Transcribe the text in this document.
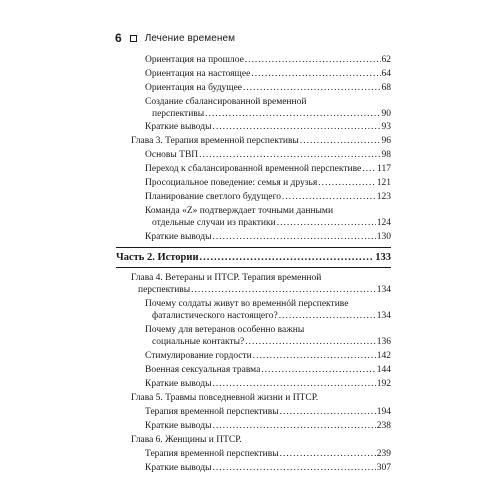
6 Лечение временем
Ориентация на прошлое .....	62
Ориентация на настоящее .....	64
Ориентация на будущее .....	68
Создание сбалансированной временной
перспективы .....	90
Краткие выводы .....	93
Глава 3. Терапия временной перспективы .....	96
Основы ТВП .....	98
Переход к сбалансированной временной перспективе ..... 117
Просоциальное поведение: семья и друзья .....	121
Планирование светлого будущего .....	123
Команда «Z» подтверждает точными данными
отдельные случаи из практики .....	124
Краткие выводы .....	130
Часть 2. Истории .....	133
Глава 4. Ветераны и ПТСР. Терапия временной
перспективы .....	134
Почему солдаты живут во временнóй перспективе
фаталистического настоящего? .....	134
Почему для ветеранов особенно важны
социальные контакты? .....	136
Стимулирование гордости .....	142
Военная сексуальная травма .....	144
Краткие выводы .....	192
Глава 5. Травмы повседневной жизни и ПТСР.
Терапия временной перспективы .....	194
Краткие выводы .....	238
Глава 6. Женщины и ПТСР.
Терапия временной перспективы .....	239
Краткие выводы .....	307
